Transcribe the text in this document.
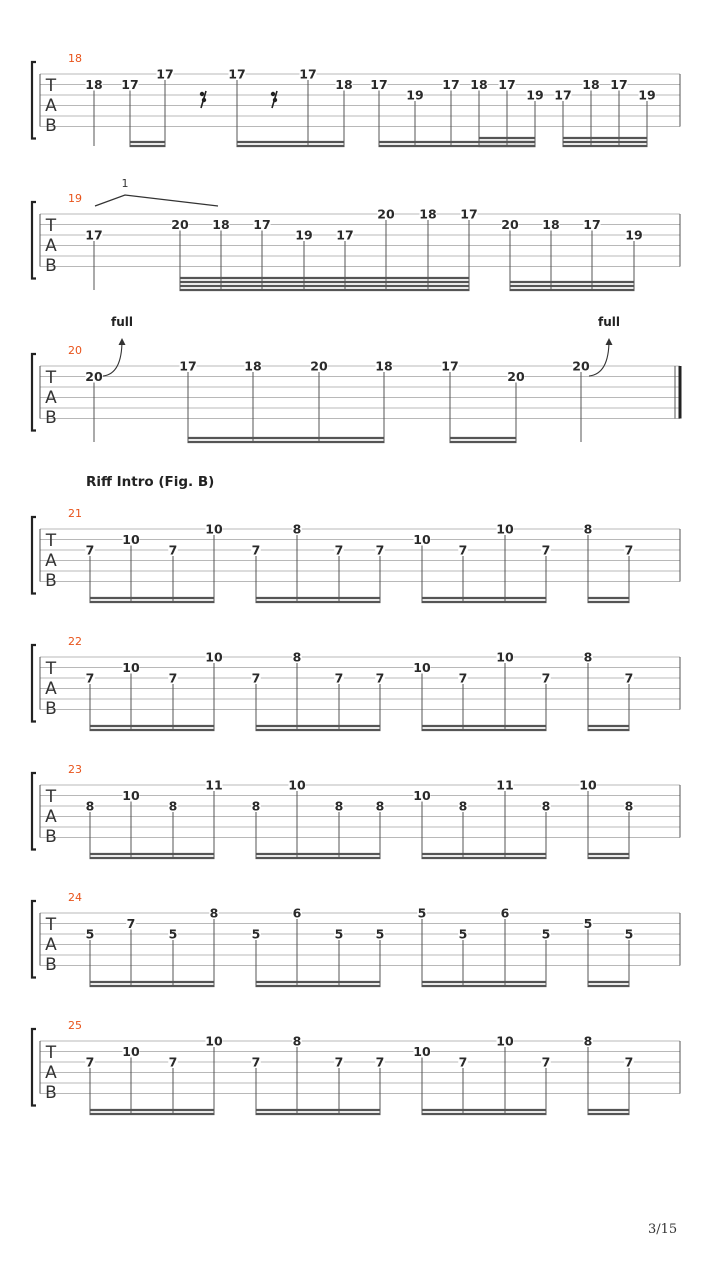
T
A
B
18
18 17
17	17	17
18 17
19
17 18 17
19 17
18 17
19
T
A
B
19
17
20 18 17
19 17
20 18 17
20 18 17
19
1
T
A
B
20
20
17	18	20	18	17
20
20
full	full
T
A
B
21
7
10
7
10
7
8
7	7
10
7
10
7
8
7
T
A
B
22
7
10
7
10
7
8
7	7
10
7
10
7
8
7
T
A
B
23
8
10
8
11
8
10
8	8
10
8
11
8
10
8
T
A
B
24
5
7
5
8
5
6
5	5
5
5
6
5
5
5
T
A
B
25
7
10
7
10
7
8
7	7
10
7
10
7
8
7
Riff Intro (Fig. B)
3/15
